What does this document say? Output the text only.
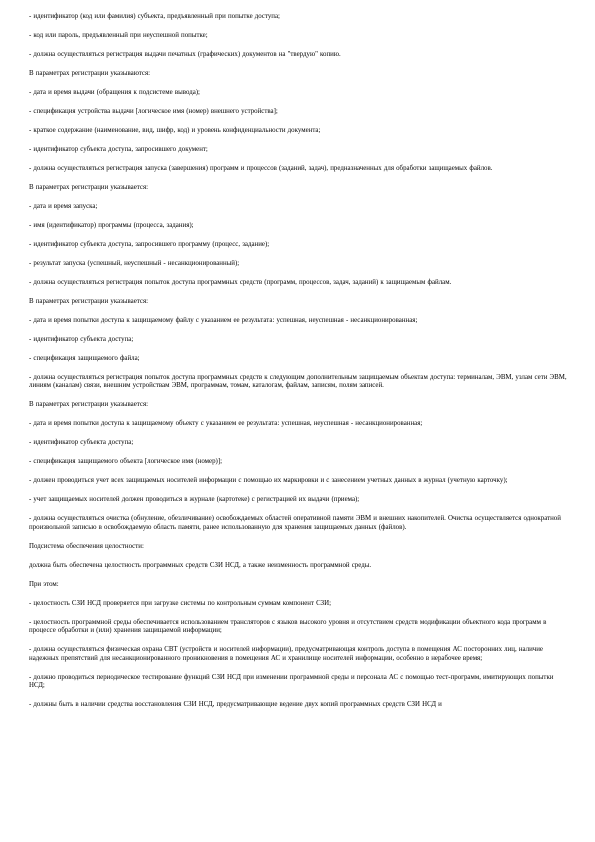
- идентификатор (код или фамилия) субъекта, предъявленный при попытке доступа;

- код или пароль, предъявленный при неуспешной попытке;

- должна осуществляться регистрация выдачи печатных (графических) документов на "твердую" копию.

В параметрах регистрации указываются:

- дата и время выдачи (обращения к подсистеме вывода);

- спецификация устройства выдачи [логическое имя (номер) внешнего устройства];

- краткое содержание (наименование, вид, шифр, код) и уровень конфиденциальности документа;

- идентификатор субъекта доступа, запросившего документ;

- должна осуществляться регистрация запуска (завершения) программ и процессов (заданий, задач), предназначенных для обработки защищаемых файлов.

В параметрах регистрации указывается:

- дата и время запуска;

- имя (идентификатор) программы (процесса, задания);

- идентификатор субъекта доступа, запросившего программу (процесс, задание);

- результат запуска (успешный, неуспешный - несанкционированный);

- должна осуществляться регистрация попыток доступа программных средств (программ, процессов, задач, заданий) к защищаемым файлам.

В параметрах регистрации указывается:

- дата и время попытки доступа к защищаемому файлу с указанием ее результата: успешная, неуспешная - несанкционированная;

- идентификатор субъекта доступа;

- спецификация защищаемого файла;

- должна осуществляться регистрация попыток доступа программных средств к следующим дополнительным защищаемым объектам доступа: терминалам, ЭВМ, узлам сети ЭВМ, линиям (каналам) связи, внешним устройствам ЭВМ, программам, томам, каталогам, файлам, записям, полям записей.

В параметрах регистрации указывается:

- дата и время попытки доступа к защищаемому объекту с указанием ее результата: успешная, неуспешная - несанкционированная;

- идентификатор субъекта доступа;

- спецификация защищаемого объекта [логическое имя (номер)];

- должен проводиться учет всех защищаемых носителей информации с помощью их маркировки и с занесением учетных данных в журнал (учетную карточку);

- учет защищаемых носителей должен проводиться в журнале (картотеке) с регистрацией их выдачи (приема);

- должна осуществляться очистка (обнуление, обезличивание) освобождаемых областей оперативной памяти ЭВМ и внешних накопителей. Очистка осуществляется однократной произвольной записью в освобождаемую область памяти, ранее использованную для хранения защищаемых данных (файлов).

Подсистема обеспечения целостности:

должна быть обеспечена целостность программных средств СЗИ НСД, а также неизменность программной среды.

При этом:

- целостность СЗИ НСД проверяется при загрузке системы по контрольным суммам компонент СЗИ;

- целостность программной среды обеспечивается использованием трансляторов с языков высокого уровня и отсутствием средств модификации объектного кода программ в процессе обработки и (или) хранения защищаемой информации;

- должна осуществляться физическая охрана СВТ (устройств и носителей информации), предусматривающая контроль доступа в помещения АС посторонних лиц, наличие надежных препятствий для несанкционированного проникновения в помещения АС и хранилище носителей информации, особенно в нерабочее время;

- должно проводиться периодическое тестирование функций СЗИ НСД при изменении программной среды и персонала АС с помощью тест-программ, имитирующих попытки НСД;

- должны быть в наличии средства восстановления СЗИ НСД, предусматривающие ведение двух копий программных средств СЗИ НСД и
